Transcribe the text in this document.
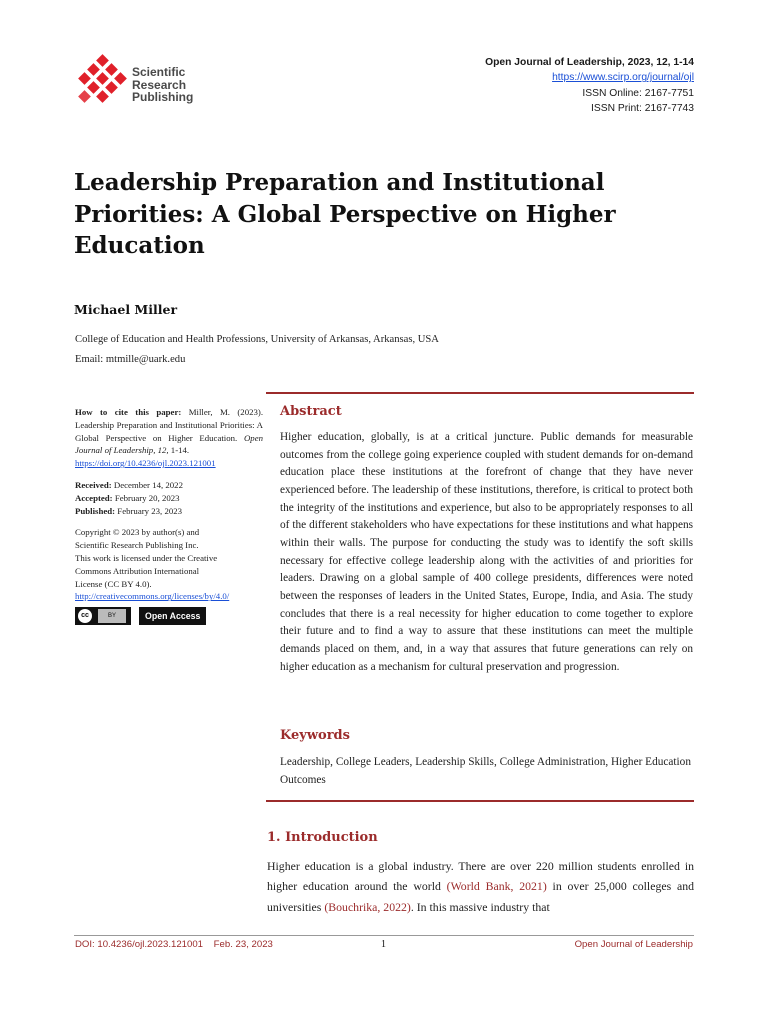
Scientific
Research
Publishing
Open Journal of Leadership, 2023, 12, 1-14
https://www.scirp.org/journal/ojl
ISSN Online: 2167-7751
ISSN Print: 2167-7743
Leadership Preparation and Institutional Priorities: A Global Perspective on Higher Education
Michael Miller
College of Education and Health Professions, University of Arkansas, Arkansas, USA
Email: mtmille@uark.edu

How to cite this paper: Miller, M. (2023). Leadership Preparation and Institutional Priorities: A Global Perspective on Higher Education. Open Journal of Leadership, 12, 1-14.

https://doi.org/10.4236/ojl.2023.121001

Received: December 14, 2022

Accepted: February 20, 2023

Published: February 23, 2023

Copyright © 2023 by author(s) and

Scientific Research Publishing Inc.

This work is licensed under the Creative

Commons Attribution International

License (CC BY 4.0).

http://creativecommons.org/licenses/by/4.0/

cc	BY	Open Access
Abstract

Higher education, globally, is at a critical juncture. Public demands for measurable outcomes from the college going experience coupled with student demands for on-demand education place these institutions at the forefront of change that they have never experienced before. The leadership of these institutions, therefore, is critical to protect both the integrity of the institutions and experience, but also to be appropriately responses to all of the different stakeholders who have expectations for these institutions and what happens within their walls. The purpose for conducting the study was to identify the soft skills necessary for effective college leadership along with the activities of and priorities for leaders. Drawing on a global sample of 400 college presidents, differences were noted between the responses of leaders in the United States, Europe, India, and Asia. The study concludes that there is a real necessity for higher education to come together to explore their future and to find a way to assure that these institutions can meet the multiple demands placed on them, and, in a way that assures that future generations can rely on higher education as a mechanism for cultural preservation and progression.

Keywords

Leadership, College Leaders, Leadership Skills, College Administration, Higher Education Outcomes

1. Introduction

Higher education is a global industry. There are over 220 million students enrolled in higher education around the world (World Bank, 2021) in over 25,000 colleges and universities (Bouchrika, 2022). In this massive industry that

DOI: 10.4236/ojl.2023.121001    Feb. 23, 2023	1	Open Journal of Leadership
